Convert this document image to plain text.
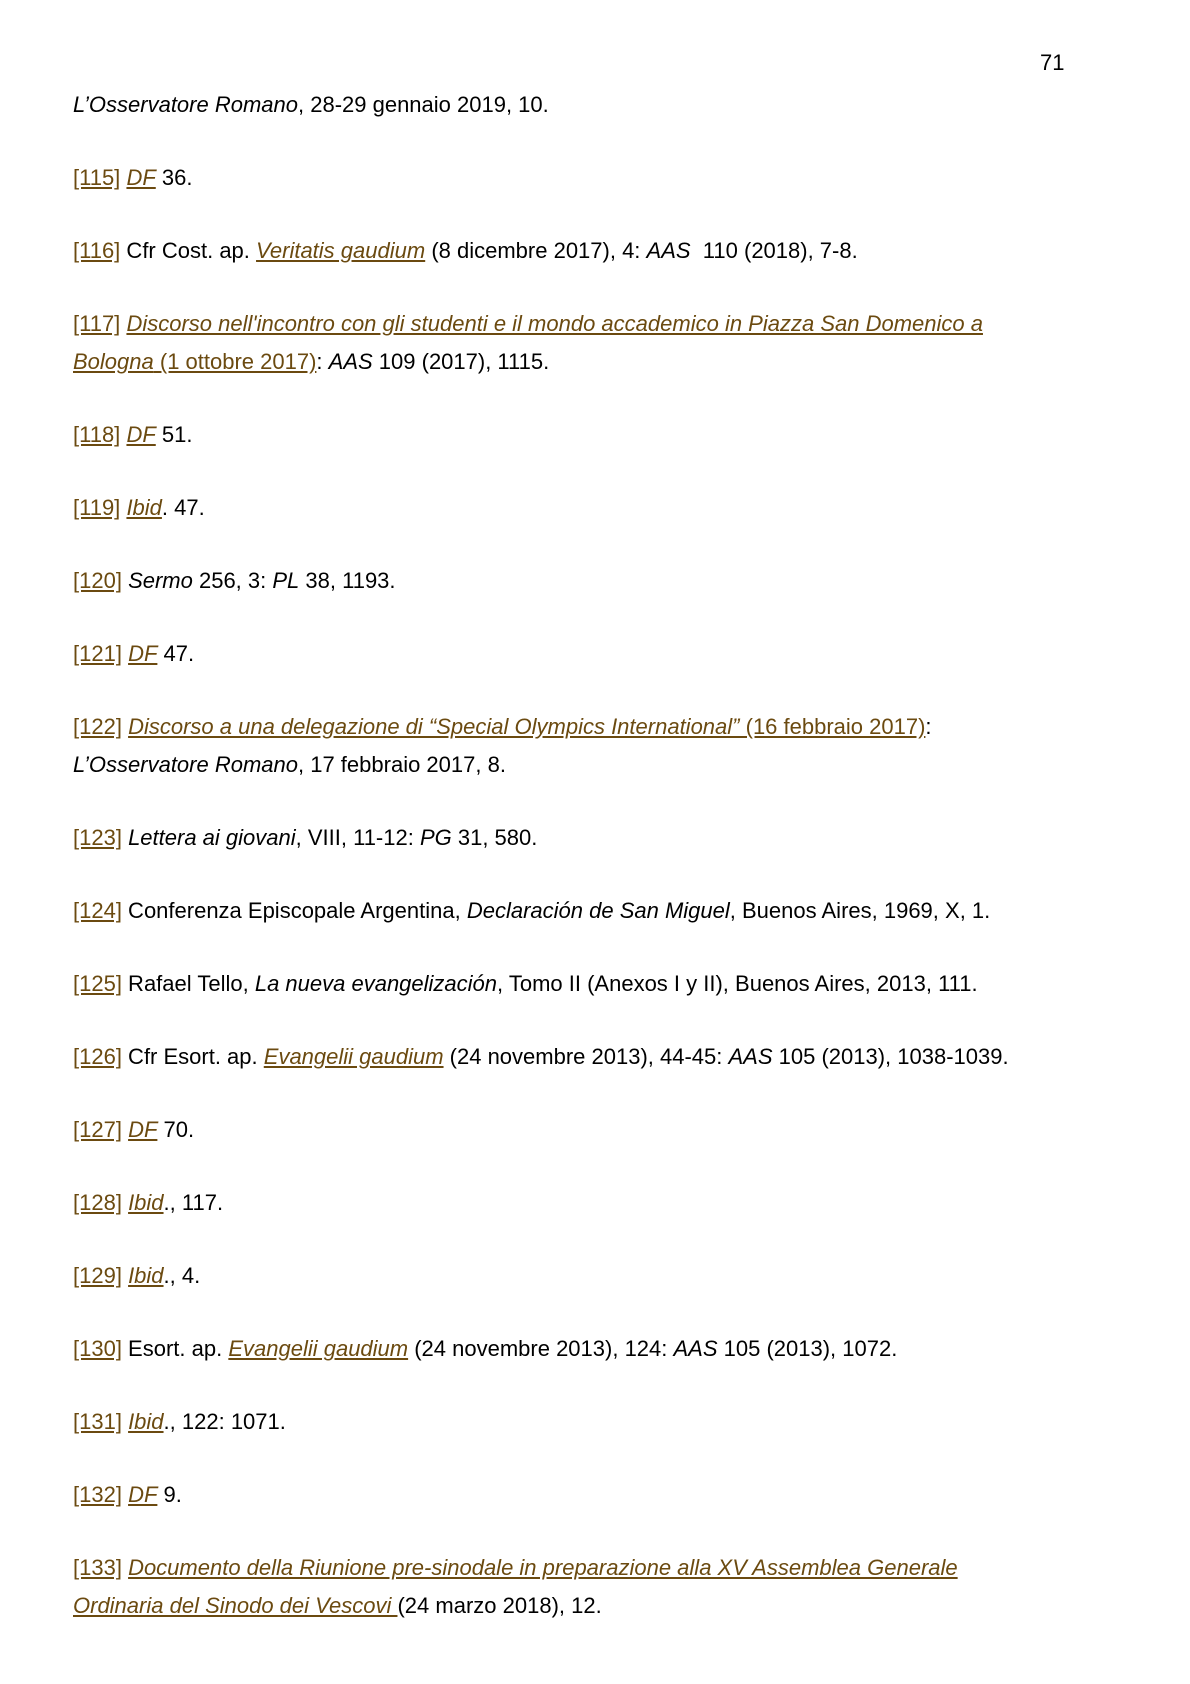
71
L’Osservatore Romano, 28-29 gennaio 2019, 10.
[115] DF 36.
[116] Cfr Cost. ap. Veritatis gaudium (8 dicembre 2017), 4: AAS  110 (2018), 7-8.
[117] Discorso nell'incontro con gli studenti e il mondo accademico in Piazza San Domenico a
Bologna (1 ottobre 2017): AAS 109 (2017), 1115.
[118] DF 51.
[119] Ibid. 47.
[120] Sermo 256, 3: PL 38, 1193.
[121] DF 47.
[122] Discorso a una delegazione di “Special Olympics International” (16 febbraio 2017):
L’Osservatore Romano, 17 febbraio 2017, 8.
[123] Lettera ai giovani, VIII, 11-12: PG 31, 580.
[124] Conferenza Episcopale Argentina, Declaración de San Miguel, Buenos Aires, 1969, X, 1.
[125] Rafael Tello, La nueva evangelización, Tomo II (Anexos I y II), Buenos Aires, 2013, 111.
[126] Cfr Esort. ap. Evangelii gaudium (24 novembre 2013), 44-45: AAS 105 (2013), 1038-1039.
[127] DF 70.
[128] Ibid., 117.
[129] Ibid., 4.
[130] Esort. ap. Evangelii gaudium (24 novembre 2013), 124: AAS 105 (2013), 1072.
[131] Ibid., 122: 1071.
[132] DF 9.
[133] Documento della Riunione pre-sinodale in preparazione alla XV Assemblea Generale
Ordinaria del Sinodo dei Vescovi (24 marzo 2018), 12.
